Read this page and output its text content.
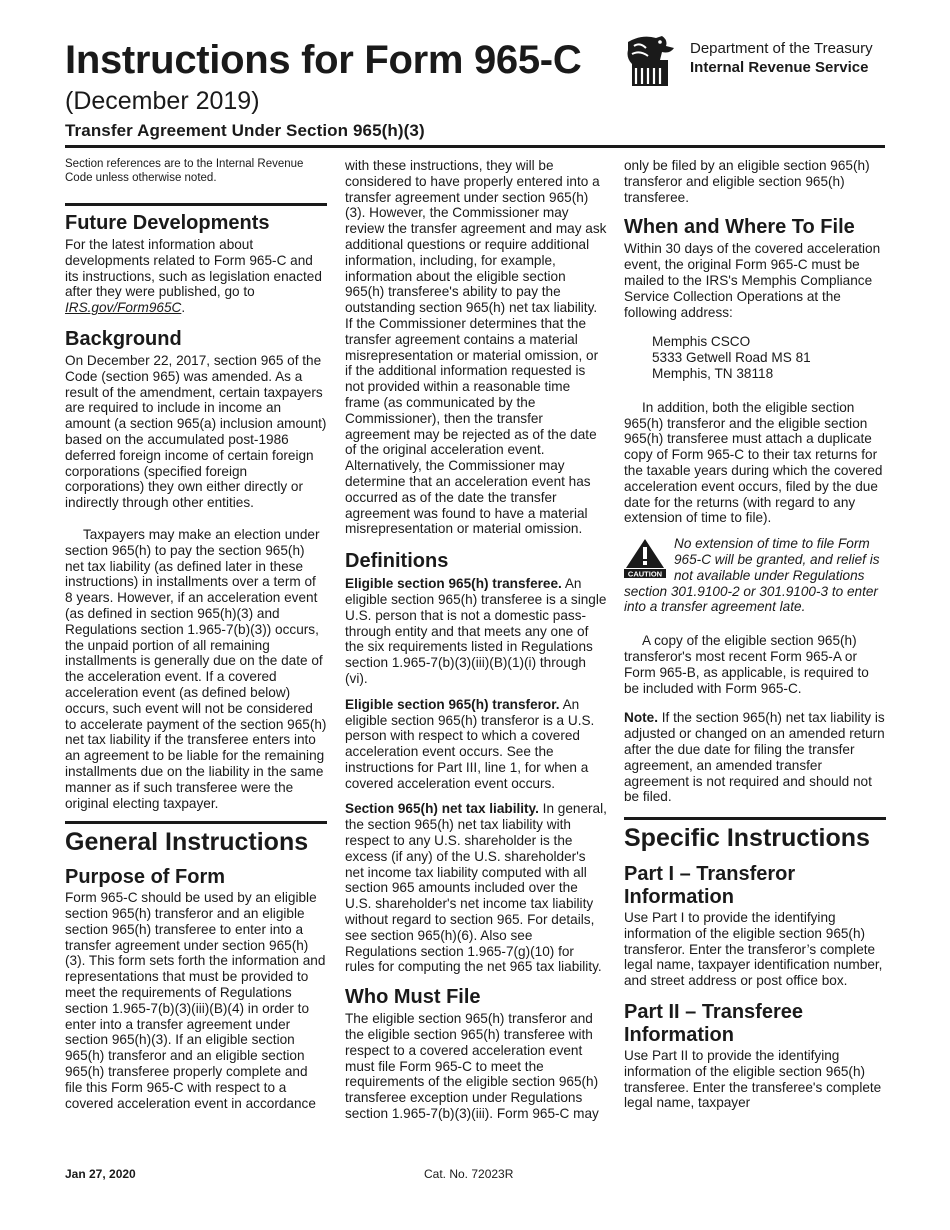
Instructions for Form 965-C
(December 2019)
Transfer Agreement Under Section 965(h)(3)
Department of the Treasury
Internal Revenue Service

Section references are to the Internal Revenue Code unless otherwise noted.

Future Developments

For the latest information about developments related to Form 965-C and its instructions, such as legislation enacted after they were published, go to IRS.gov/Form965C.

Background

On December 22, 2017, section 965 of the Code (section 965) was amended. As a result of the amendment, certain taxpayers are required to include in income an amount (a section 965(a) inclusion amount) based on the accumulated post-1986 deferred foreign income of certain foreign corporations (specified foreign corporations) they own either directly or indirectly through other entities.

Taxpayers may make an election under section 965(h) to pay the section 965(h) net tax liability (as defined later in these instructions) in installments over a term of 8 years. However, if an acceleration event (as defined in section 965(h)(3) and Regulations section 1.965-7(b)(3)) occurs, the unpaid portion of all remaining installments is generally due on the date of the acceleration event. If a covered acceleration event (as defined below) occurs, such event will not be considered to accelerate payment of the section 965(h) net tax liability if the transferee enters into an agreement to be liable for the remaining installments due on the liability in the same manner as if such transferee were the original electing taxpayer.

General Instructions
Purpose of Form

Form 965-C should be used by an eligible section 965(h) transferor and an eligible section 965(h) transferee to enter into a transfer agreement under section 965(h)(3). This form sets forth the information and representations that must be provided to meet the requirements of Regulations section 1.965-7(b)(3)(iii)(B)(4) in order to enter into a transfer agreement under section 965(h)(3). If an eligible section 965(h) transferor and an eligible section 965(h) transferee properly complete and file this Form 965-C with respect to a covered acceleration event in accordance

with these instructions, they will be considered to have properly entered into a transfer agreement under section 965(h)(3). However, the Commissioner may review the transfer agreement and may ask additional questions or require additional information, including, for example, information about the eligible section 965(h) transferee's ability to pay the outstanding section 965(h) net tax liability. If the Commissioner determines that the transfer agreement contains a material misrepresentation or material omission, or if the additional information requested is not provided within a reasonable time frame (as communicated by the Commissioner), then the transfer agreement may be rejected as of the date of the original acceleration event. Alternatively, the Commissioner may determine that an acceleration event has occurred as of the date the transfer agreement was found to have a material misrepresentation or material omission.

Definitions

Eligible section 965(h) transferee. An eligible section 965(h) transferee is a single U.S. person that is not a domestic pass-through entity and that meets any one of the six requirements listed in Regulations section 1.965-7(b)(3)(iii)(B)(1)(i) through (vi).

Eligible section 965(h) transferor. An eligible section 965(h) transferor is a U.S. person with respect to which a covered acceleration event occurs. See the instructions for Part III, line 1, for when a covered acceleration event occurs.

Section 965(h) net tax liability. In general, the section 965(h) net tax liability with respect to any U.S. shareholder is the excess (if any) of the U.S. shareholder's net income tax liability computed with all section 965 amounts included over the U.S. shareholder's net income tax liability without regard to section 965. For details, see section 965(h)(6). Also see Regulations section 1.965-7(g)(10) for rules for computing the net 965 tax liability.

Who Must File

The eligible section 965(h) transferor and the eligible section 965(h) transferee with respect to a covered acceleration event must file Form 965-C to meet the requirements of the eligible section 965(h) transferee exception under Regulations section 1.965-7(b)(3)(iii). Form 965-C may

only be filed by an eligible section 965(h) transferor and eligible section 965(h) transferee.

When and Where To File

Within 30 days of the covered acceleration event, the original Form 965-C must be mailed to the IRS's Memphis Compliance Service Collection Operations at the following address:

Memphis CSCO

5333 Getwell Road MS 81

Memphis, TN 38118

In addition, both the eligible section 965(h) transferor and the eligible section 965(h) transferee must attach a duplicate copy of Form 965-C to their tax returns for the taxable years during which the covered acceleration event occurs, filed by the due date for the returns (with regard to any extension of time to file).

CAUTION

No extension of time to file Form
965-C will be granted, and relief is
not available under Regulations
section 301.9100-2 or 301.9100-3 to enter into a transfer agreement late.

A copy of the eligible section 965(h) transferor's most recent Form 965-A or Form 965-B, as applicable, is required to be included with Form 965-C.

Note. If the section 965(h) net tax liability is adjusted or changed on an amended return after the due date for filing the transfer agreement, an amended transfer agreement is not required and should not be filed.

Specific Instructions
Part I – Transferor
Information

Use Part I to provide the identifying information of the eligible section 965(h) transferor. Enter the transferor’s complete legal name, taxpayer identification number, and street address or post office box.

Part II – Transferee
Information

Use Part II to provide the identifying information of the eligible section 965(h) transferee. Enter the transferee's complete legal name, taxpayer

Jan 27, 2020	Cat. No. 72023R
